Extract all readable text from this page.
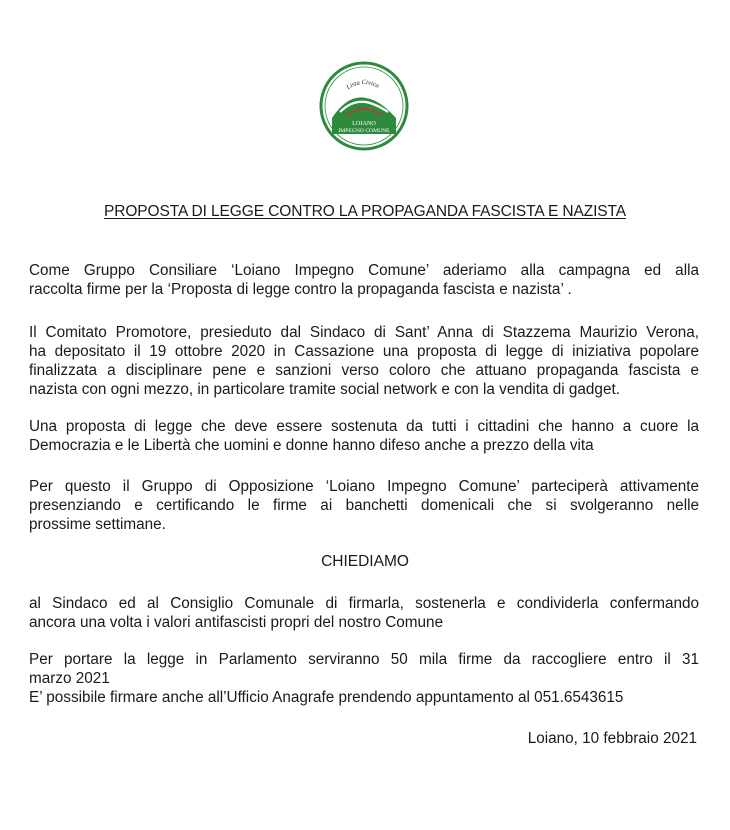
Lista Civica
LOIANO
IMPEGNO COMUNE
PROPOSTA DI LEGGE CONTRO LA PROPAGANDA FASCISTA E NAZISTA
Come Gruppo Consiliare ‘Loiano Impegno Comune’ aderiamo alla campagna ed alla
raccolta firme per la ‘Proposta di legge contro la propaganda fascista e nazista’ .
Il Comitato Promotore, presieduto dal Sindaco di Sant’ Anna di Stazzema Maurizio Verona,
ha depositato il 19 ottobre 2020 in Cassazione una proposta di legge di iniziativa popolare
finalizzata a disciplinare pene e sanzioni verso coloro che attuano propaganda fascista e
nazista con ogni mezzo, in particolare tramite social network e con la vendita di gadget.
Una proposta di legge che deve essere sostenuta da tutti i cittadini che hanno a cuore la
Democrazia e le Libertà che uomini e donne hanno difeso anche a prezzo della vita
Per questo il Gruppo di Opposizione ‘Loiano Impegno Comune’ parteciperà attivamente
presenziando e certificando le firme ai banchetti domenicali che si svolgeranno nelle
prossime settimane.
CHIEDIAMO
al Sindaco ed al Consiglio Comunale di firmarla, sostenerla e condividerla confermando
ancora una volta i valori antifascisti propri del nostro Comune
Per portare la legge in Parlamento serviranno 50 mila firme da raccogliere entro il 31
marzo 2021
E’ possibile firmare anche all’Ufficio Anagrafe prendendo appuntamento al 051.6543615
Loiano, 10 febbraio 2021
